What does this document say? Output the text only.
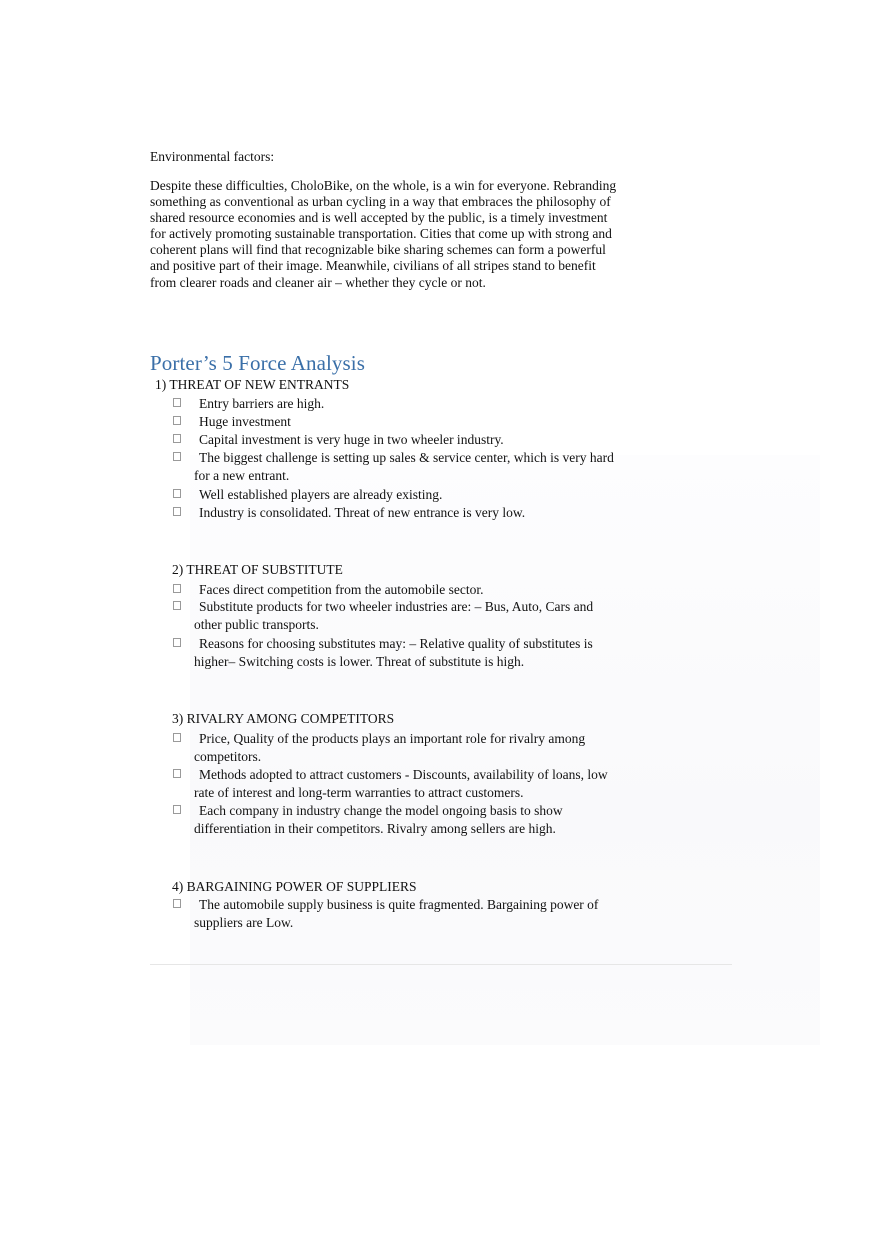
Environmental factors:
Despite these difficulties, CholoBike, on the whole, is a win for everyone. Rebranding something as conventional as urban cycling in a way that embraces the philosophy of shared resource economies and is well accepted by the public, is a timely investment for actively promoting sustainable transportation. Cities that come up with strong and coherent plans will find that recognizable bike sharing schemes can form a powerful and positive part of their image. Meanwhile, civilians of all stripes stand to benefit from clearer roads and cleaner air – whether they cycle or not.
Porter’s 5 Force Analysis
1) THREAT OF NEW ENTRANTS
Entry barriers are high.
Huge investment
Capital investment is very huge in two wheeler industry.
The biggest challenge is setting up sales & service center, which is very hard
for a new entrant.
Well established players are already existing.
Industry is consolidated. Threat of new entrance is very low.
2) THREAT OF SUBSTITUTE
Faces direct competition from the automobile sector.
Substitute products for two wheeler industries are: – Bus, Auto, Cars and
other public transports.
Reasons for choosing substitutes may: – Relative quality of substitutes is
higher– Switching costs is lower. Threat of substitute is high.
3) RIVALRY AMONG COMPETITORS
Price, Quality of the products plays an important role for rivalry among
competitors.
Methods adopted to attract customers - Discounts, availability of loans, low
rate of interest and long-term warranties to attract customers.
Each company in industry change the model ongoing basis to show
differentiation in their competitors. Rivalry among sellers are high.
4) BARGAINING POWER OF SUPPLIERS
The automobile supply business is quite fragmented. Bargaining power of
suppliers are Low.
